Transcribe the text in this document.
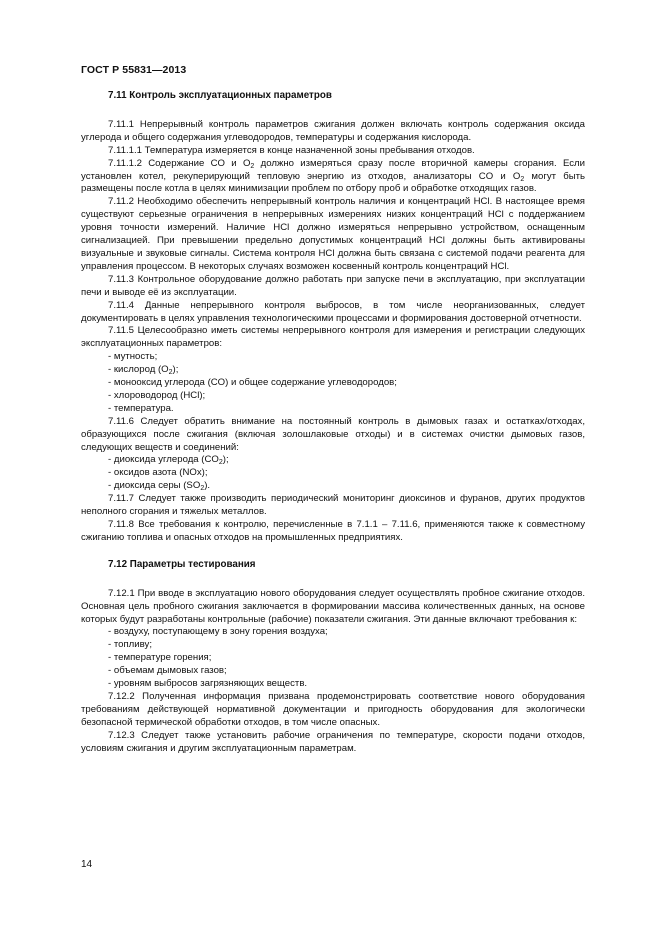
ГОСТ Р 55831—2013
7.11 Контроль эксплуатационных параметров

7.11.1 Непрерывный контроль параметров сжигания должен включать контроль содержания оксида углерода и общего содержания углеводородов, температуры и содержания кислорода.

7.11.1.1 Температура измеряется в конце назначенной зоны пребывания отходов.

7.11.1.2 Содержание CO и $O_2$ должно измеряться сразу после вторичной камеры сгорания. Если установлен котел, рекуперирующий тепловую энергию из отходов, анализаторы CO и $O_2$ могут быть размещены после котла в целях минимизации проблем по отбору проб и обработке отходящих газов.

7.11.2 Необходимо обеспечить непрерывный контроль наличия и концентраций HCl. В настоящее время существуют серьезные ограничения в непрерывных измерениях низких концентраций HCl с поддержанием уровня точности измерений. Наличие HCl должно измеряться непрерывно устройством, оснащенным сигнализацией. При превышении предельно допустимых концентраций HCl должны быть активированы визуальные и звуковые сигналы. Система контроля HCl должна быть связана с системой подачи реагента для управления процессом. В некоторых случаях возможен косвенный контроль концентраций HCl.

7.11.3 Контрольное оборудование должно работать при запуске печи в эксплуатацию, при эксплуатации печи и выводе её из эксплуатации.

7.11.4 Данные непрерывного контроля выбросов, в том числе неорганизованных, следует документировать в целях управления технологическими процессами и формирования достоверной отчетности.

7.11.5 Целесообразно иметь системы непрерывного контроля для измерения и регистрации следующих эксплуатационных параметров:

- мутность;
- кислород $(O_2)$;
- монооксид углерода (CO) и общее содержание углеводородов;
- хлороводород (HCl);
- температура.

7.11.6 Следует обратить внимание на постоянный контроль в дымовых газах и остатках/отходах, образующихся после сжигания (включая золошлаковые отходы) и в системах очистки дымовых газов, следующих веществ и соединений:

- диоксида углерода $(CO_2)$;
- оксидов азота (NOx);
- диоксида серы $(SO_2)$.

7.11.7 Следует также производить периодический мониторинг диоксинов и фуранов, других продуктов неполного сгорания и тяжелых металлов.

7.11.8 Все требования к контролю, перечисленные в 7.1.1 – 7.11.6, применяются также к совместному сжиганию топлива и опасных отходов на промышленных предприятиях.

7.12 Параметры тестирования

7.12.1 При вводе в эксплуатацию нового оборудования следует осуществлять пробное сжигание отходов. Основная цель пробного сжигания заключается в формировании массива количественных данных, на основе которых будут разработаны контрольные (рабочие) показатели сжигания. Эти данные включают требования к:

- воздуху, поступающему в зону горения воздуха;
- топливу;
- температуре горения;
- объемам дымовых газов;
- уровням выбросов загрязняющих веществ.

7.12.2 Полученная информация призвана продемонстрировать соответствие нового оборудования требованиям действующей нормативной документации и пригодность оборудования для экологически безопасной термической обработки отходов, в том числе опасных.

7.12.3 Следует также установить рабочие ограничения по температуре, скорости подачи отходов, условиям сжигания и другим эксплуатационным параметрам.

14
